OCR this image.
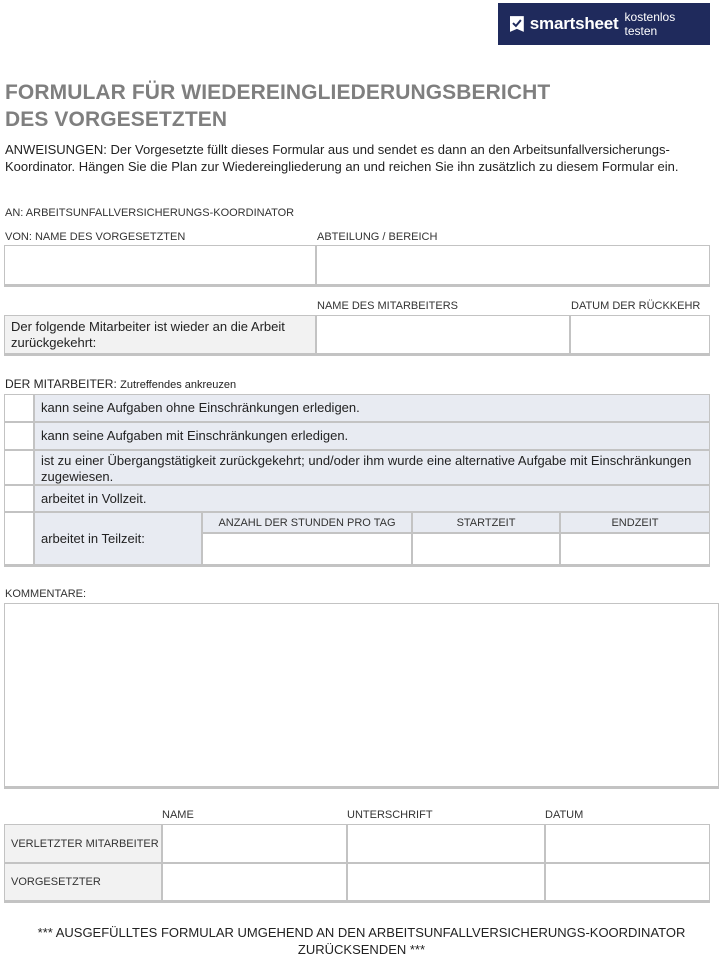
smartsheet kostenlos testen
FORMULAR FÜR WIEDEREINGLIEDERUNGSBERICHT
DES VORGESETZTEN
ANWEISUNGEN: Der Vorgesetzte füllt dieses Formular aus und sendet es dann an den Arbeitsunfallversicherungs-Koordinator. Hängen Sie die Plan zur Wiedereingliederung an und reichen Sie ihn zusätzlich zu diesem Formular ein.
AN: ARBEITSUNFALLVERSICHERUNGS-KOORDINATOR
VON: NAME DES VORGESETZTEN	ABTEILUNG / BEREICH
NAME DES MITARBEITERS	DATUM DER RÜCKKEHR
Der folgende Mitarbeiter ist wieder an die Arbeit zurückgekehrt:
DER MITARBEITER: Zutreffendes ankreuzen
kann seine Aufgaben ohne Einschränkungen erledigen.
kann seine Aufgaben mit Einschränkungen erledigen.
ist zu einer Übergangstätigkeit zurückgekehrt; und/oder ihm wurde eine alternative Aufgabe mit Einschränkungen zugewiesen.
arbeitet in Vollzeit.
arbeitet in Teilzeit:
ANZAHL DER STUNDEN PRO TAG	STARTZEIT	ENDZEIT
KOMMENTARE:
NAME	UNTERSCHRIFT	DATUM
VERLETZTER MITARBEITER
VORGESETZTER
*** AUSGEFÜLLTES FORMULAR UMGEHEND AN DEN ARBEITSUNFALLVERSICHERUNGS-KOORDINATOR ZURÜCKSENDEN ***
